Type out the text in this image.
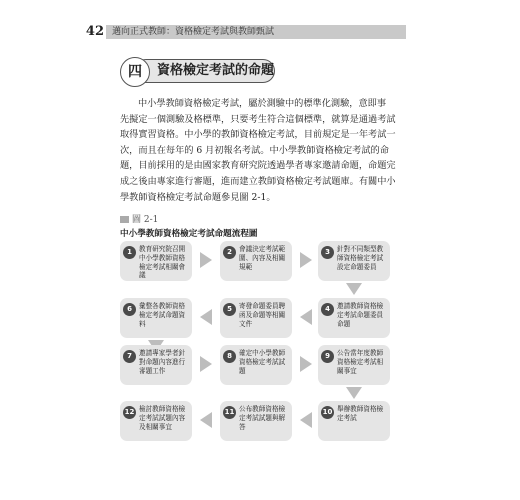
42 邁向正式教師：資格檢定考試與教師甄試
四	資格檢定考試的命題

中小學教師資格檢定考試，屬於測驗中的標準化測驗，意即事

先擬定一個測驗及格標準，只要考生符合這個標準，就算是通過考試

取得實習資格。中小學的教師資格檢定考試，目前規定是一年考試一

次，而且在每年的 6 月初報名考試。中小學教師資格檢定考試的命

題，目前採用的是由國家教育研究院透過學者專家邀請命題，命題完

成之後由專家進行審題，進而建立教師資格檢定考試題庫。有關中小

學教師資格檢定考試命題參見圖 2-1。

圖 2-1
中小學教師資格檢定考試命題流程圖
1	教育研究院召開中小學教師資格檢定考試相關會議
2	會議決定考試範圍、內容及相關規範
3	針對不同類型教師資格檢定考試設定命題委員
6	彙整各教師資格檢定考試命題資料
5	寄發命題委員聘函及命題等相關文件
4	邀請教師資格檢定考試命題委員命題
7	邀請專家學者針對命題內容進行審題工作
8	確定中小學教師資格檢定考試試題
9	公告當年度教師資格檢定考試相關事宜
12 檢討教師資格檢定考試試題內容及相關事宜
11 公布教師資格檢定考試試題與解答
10 舉辦教師資格檢定考試
